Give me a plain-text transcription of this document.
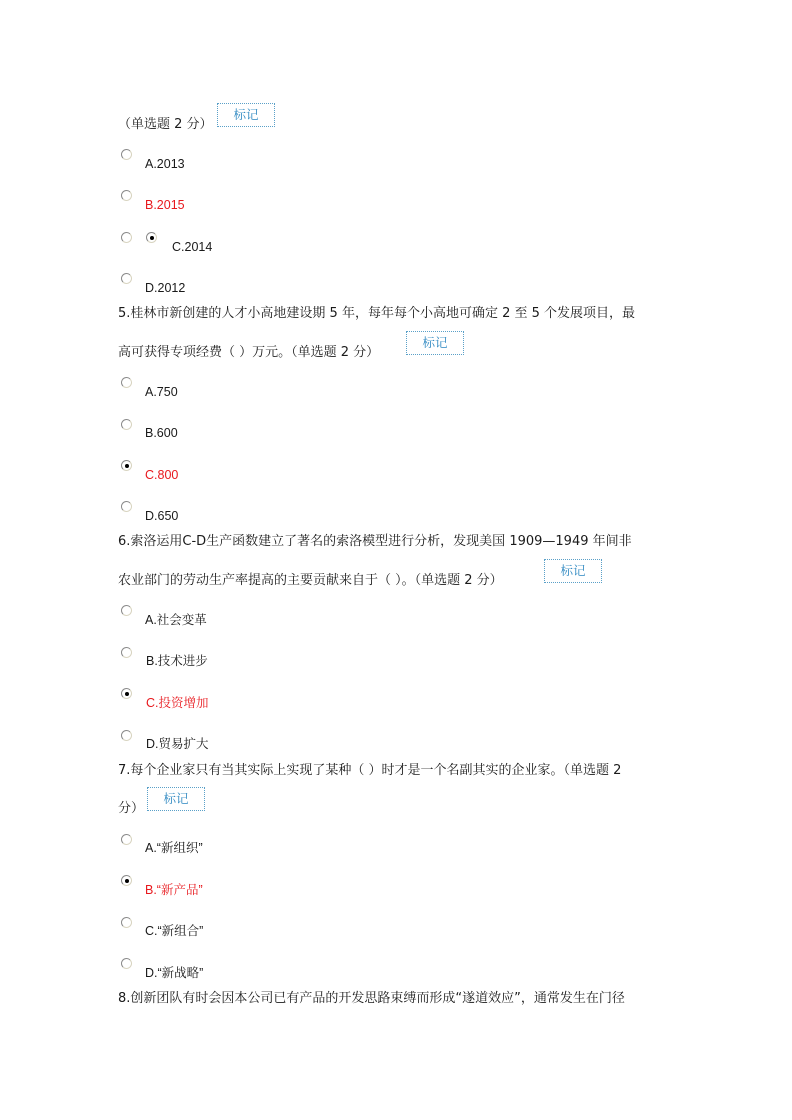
（单选题 2 分）
标记
A.2013
B.2015
C.2014
D.2012
5.桂林市新创建的人才小高地建设期 5 年，每年每个小高地可确定 2 至 5 个发展项目，最
高可获得专项经费（ ）万元。（单选题 2 分）
标记
A.750
B.600
C.800
D.650
6.索洛运用C-D生产函数建立了著名的索洛模型进行分析，发现美国 1909—1949 年间非
农业部门的劳动生产率提高的主要贡献来自于（ ）。（单选题 2 分）
标记
A.社会变革
B.技术进步
C.投资增加
D.贸易扩大
7.每个企业家只有当其实际上实现了某种（ ）时才是一个名副其实的企业家。（单选题 2
分）
标记
A.“新组织”
B.“新产品”
C.“新组合”
D.“新战略”
8.创新团队有时会因本公司已有产品的开发思路束缚而形成“遂道效应”，通常发生在门径
